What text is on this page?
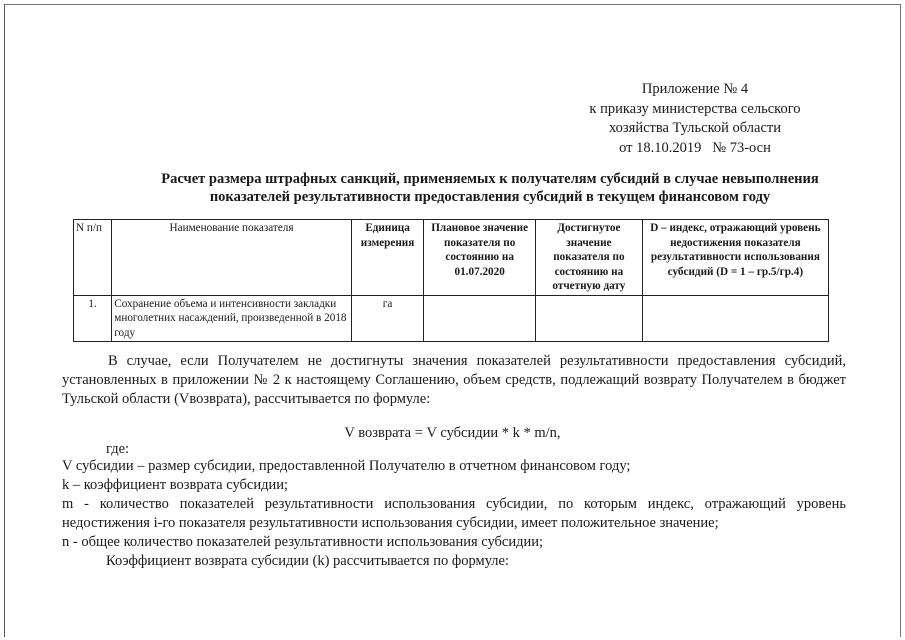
Приложение № 4
к приказу министерства сельского
хозяйства Тульской области
от 18.10.2019   № 73-осн
Расчет размера штрафных санкций, применяемых к получателям субсидий в случае невыполнения
показателей результативности предоставления субсидий в текущем финансовом году
N п/п	Наименование показателя	Единица измерения	Плановое значение показателя по состоянию на 01.07.2020	Достигнутое значение показателя по состоянию на отчетную дату	D – индекс, отражающий уровень недостижения показателя результативности использования субсидий (D = 1 – гр.5/гр.4)
1.	Сохранение объема и интенсивности закладки многолетних насаждений, произведенной в 2018 году	га			
В случае, если Получателем не достигнуты значения показателей результативности предоставления субсидий, установленных в приложении № 2 к настоящему Соглашению, объем средств, подлежащий возврату Получателем в бюджет Тульской области (Vвозврата), рассчитывается по формуле:
V возврата = V субсидии * k * m/n,
где:
V субсидии – размер субсидии, предоставленной Получателю в отчетном финансовом году;
k – коэффициент возврата субсидии;
m - количество показателей результативности использования субсидии, по которым индекс, отражающий уровень недостижения i-го показателя результативности использования субсидии, имеет положительное значение;
n - общее количество показателей результативности использования субсидии;
Коэффициент возврата субсидии (k) рассчитывается по формуле:
